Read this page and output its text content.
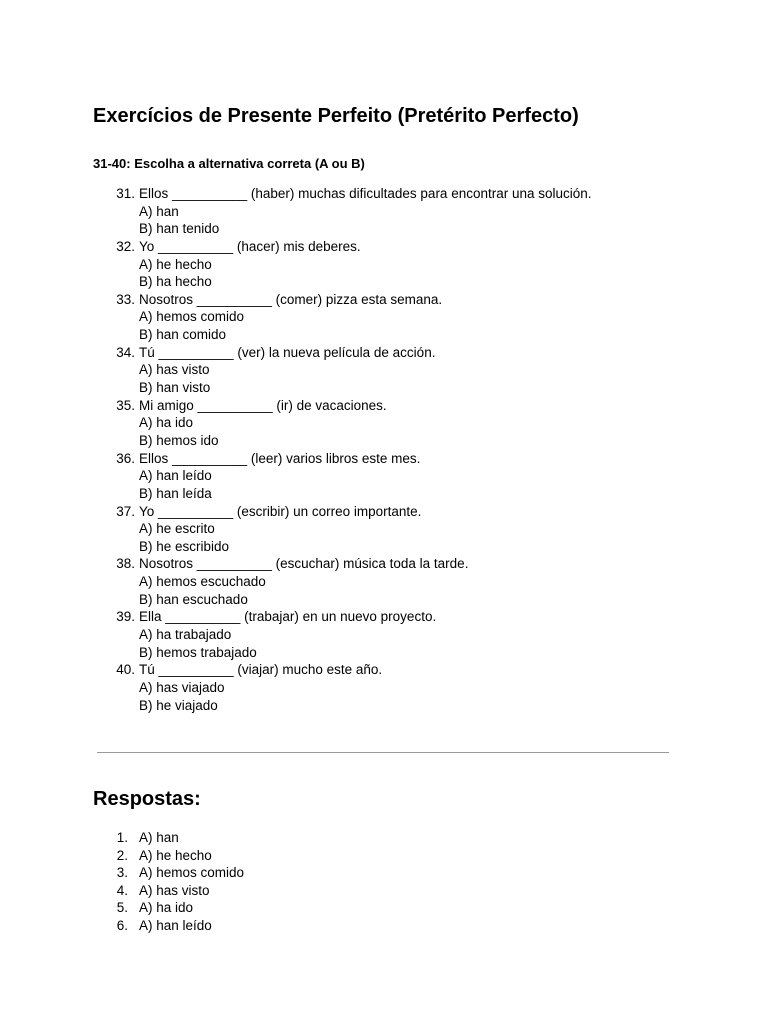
Exercícios de Presente Perfeito (Pretérito Perfecto)
31-40: Escolha a alternativa correta (A ou B)
31. Ellos __________ (haber) muchas dificultades para encontrar una solución.
A) han
B) han tenido
32. Yo __________ (hacer) mis deberes.
A) he hecho
B) ha hecho
33. Nosotros __________ (comer) pizza esta semana.
A) hemos comido
B) han comido
34. Tú __________ (ver) la nueva película de acción.
A) has visto
B) han visto
35. Mi amigo __________ (ir) de vacaciones.
A) ha ido
B) hemos ido
36. Ellos __________ (leer) varios libros este mes.
A) han leído
B) han leída
37. Yo __________ (escribir) un correo importante.
A) he escrito
B) he escribido
38. Nosotros __________ (escuchar) música toda la tarde.
A) hemos escuchado
B) han escuchado
39. Ella __________ (trabajar) en un nuevo proyecto.
A) ha trabajado
B) hemos trabajado
40. Tú __________ (viajar) mucho este año.
A) has viajado
B) he viajado
Respostas:
1. A) han
2. A) he hecho
3. A) hemos comido
4. A) has visto
5. A) ha ido
6. A) han leído
